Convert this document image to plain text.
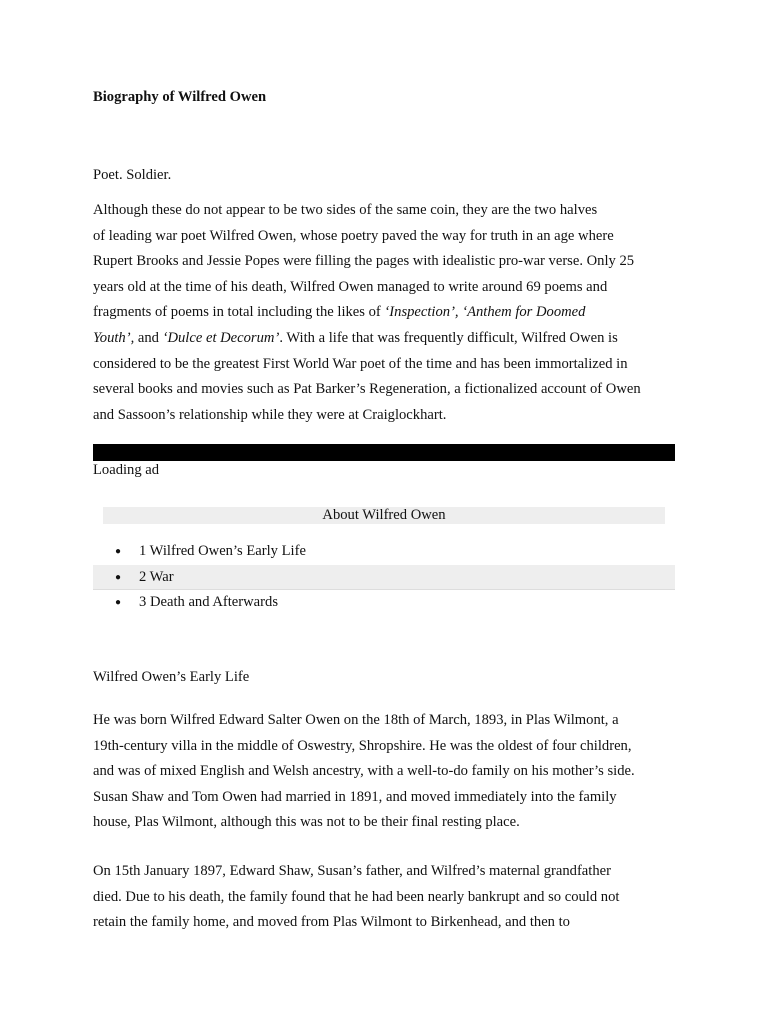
Biography of Wilfred Owen
Poet. Soldier.
Although these do not appear to be two sides of the same coin, they are the two halves
of leading war poet Wilfred Owen, whose poetry paved the way for truth in an age where
Rupert Brooks and Jessie Popes were filling the pages with idealistic pro-war verse. Only 25
years old at the time of his death, Wilfred Owen managed to write around 69 poems and
fragments of poems in total including the likes of ‘Inspection’, ‘Anthem for Doomed
Youth’, and ‘Dulce et Decorum’. With a life that was frequently difficult, Wilfred Owen is
considered to be the greatest First World War poet of the time and has been immortalized in
several books and movies such as Pat Barker’s Regeneration, a fictionalized account of Owen
and Sassoon’s relationship while they were at Craiglockhart.
Loading ad
About Wilfred Owen
● 1 Wilfred Owen’s Early Life
● 2 War
● 3 Death and Afterwards
Wilfred Owen’s Early Life
He was born Wilfred Edward Salter Owen on the 18th of March, 1893, in Plas Wilmont, a
19th-century villa in the middle of Oswestry, Shropshire. He was the oldest of four children,
and was of mixed English and Welsh ancestry, with a well-to-do family on his mother’s side.
Susan Shaw and Tom Owen had married in 1891, and moved immediately into the family
house, Plas Wilmont, although this was not to be their final resting place.
On 15th January 1897, Edward Shaw, Susan’s father, and Wilfred’s maternal grandfather
died. Due to his death, the family found that he had been nearly bankrupt and so could not
retain the family home, and moved from Plas Wilmont to Birkenhead, and then to
